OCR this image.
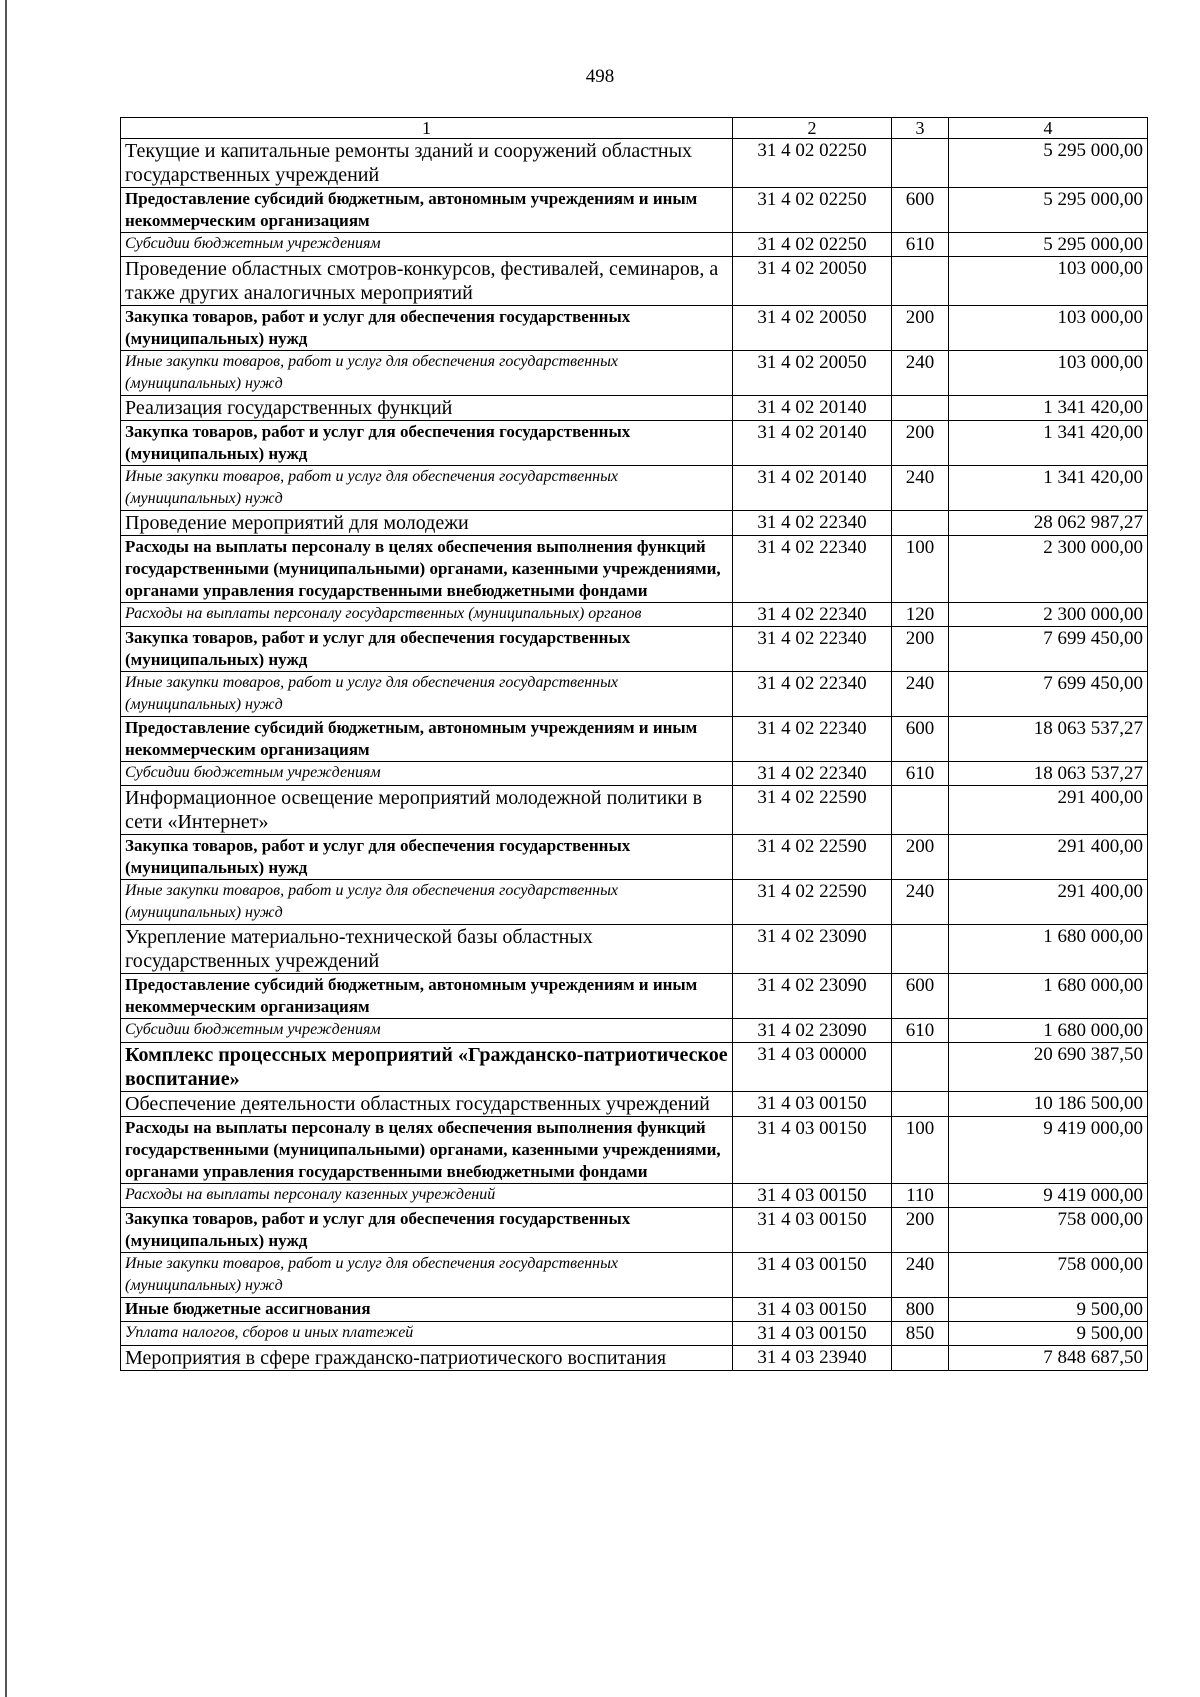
498
1	2	3	4
Текущие и капитальные ремонты зданий и сооружений областных государственных учреждений	31 4 02 02250		5 295 000,00
Предоставление субсидий бюджетным, автономным учреждениям и иным некоммерческим организациям	31 4 02 02250	600	5 295 000,00
Субсидии бюджетным учреждениям	31 4 02 02250	610	5 295 000,00
Проведение областных смотров-конкурсов, фестивалей, семинаров, а также других аналогичных мероприятий	31 4 02 20050		103 000,00
Закупка товаров, работ и услуг для обеспечения государственных (муниципальных) нужд	31 4 02 20050	200	103 000,00
Иные закупки товаров, работ и услуг для обеспечения государственных (муниципальных) нужд	31 4 02 20050	240	103 000,00
Реализация государственных функций	31 4 02 20140		1 341 420,00
Закупка товаров, работ и услуг для обеспечения государственных (муниципальных) нужд	31 4 02 20140	200	1 341 420,00
Иные закупки товаров, работ и услуг для обеспечения государственных (муниципальных) нужд	31 4 02 20140	240	1 341 420,00
Проведение мероприятий для молодежи	31 4 02 22340		28 062 987,27
Расходы на выплаты персоналу в целях обеспечения выполнения функций государственными (муниципальными) органами, казенными учреждениями, органами управления государственными внебюджетными фондами	31 4 02 22340	100	2 300 000,00
Расходы на выплаты персоналу государственных (муниципальных) органов	31 4 02 22340	120	2 300 000,00
Закупка товаров, работ и услуг для обеспечения государственных (муниципальных) нужд	31 4 02 22340	200	7 699 450,00
Иные закупки товаров, работ и услуг для обеспечения государственных (муниципальных) нужд	31 4 02 22340	240	7 699 450,00
Предоставление субсидий бюджетным, автономным учреждениям и иным некоммерческим организациям	31 4 02 22340	600	18 063 537,27
Субсидии бюджетным учреждениям	31 4 02 22340	610	18 063 537,27
Информационное освещение мероприятий молодежной политики в сети «Интернет»	31 4 02 22590		291 400,00
Закупка товаров, работ и услуг для обеспечения государственных (муниципальных) нужд	31 4 02 22590	200	291 400,00
Иные закупки товаров, работ и услуг для обеспечения государственных (муниципальных) нужд	31 4 02 22590	240	291 400,00
Укрепление материально-технической базы областных государственных учреждений	31 4 02 23090		1 680 000,00
Предоставление субсидий бюджетным, автономным учреждениям и иным некоммерческим организациям	31 4 02 23090	600	1 680 000,00
Субсидии бюджетным учреждениям	31 4 02 23090	610	1 680 000,00
Комплекс процессных мероприятий «Гражданско-патриотическое воспитание»	31 4 03 00000		20 690 387,50
Обеспечение деятельности областных государственных учреждений	31 4 03 00150		10 186 500,00
Расходы на выплаты персоналу в целях обеспечения выполнения функций государственными (муниципальными) органами, казенными учреждениями, органами управления государственными внебюджетными фондами	31 4 03 00150	100	9 419 000,00
Расходы на выплаты персоналу казенных учреждений	31 4 03 00150	110	9 419 000,00
Закупка товаров, работ и услуг для обеспечения государственных (муниципальных) нужд	31 4 03 00150	200	758 000,00
Иные закупки товаров, работ и услуг для обеспечения государственных (муниципальных) нужд	31 4 03 00150	240	758 000,00
Иные бюджетные ассигнования	31 4 03 00150	800	9 500,00
Уплата налогов, сборов и иных платежей	31 4 03 00150	850	9 500,00
Мероприятия в сфере гражданско-патриотического воспитания	31 4 03 23940		7 848 687,50
